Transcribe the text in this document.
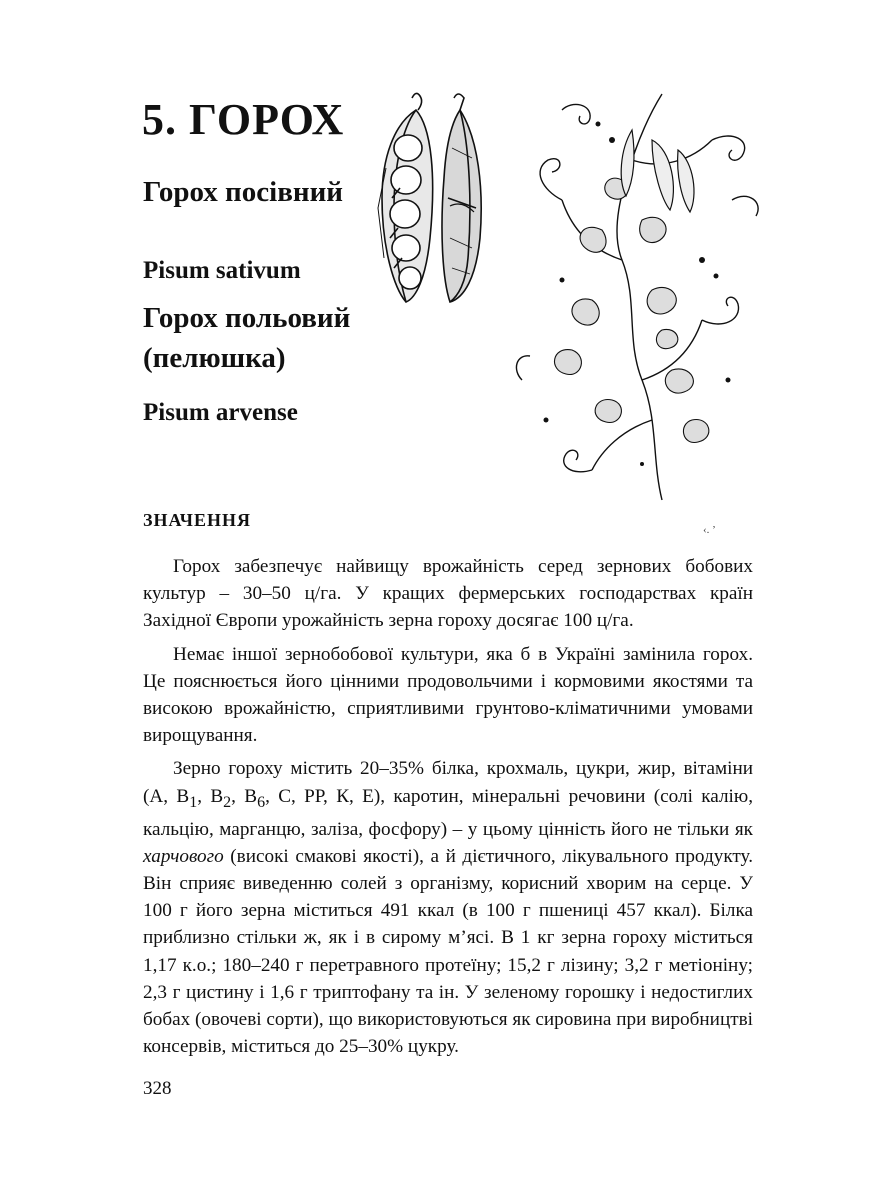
5. ГОРОХ
Горох посівний
Pisum sativum
Горох польовий (пелюшка)
Pisum arvense
ЗНАЧЕННЯ	‹. ’

Горох забезпечує найвищу врожайність серед зернових бобових культур – 30–50 ц/га. У кращих фермерських господарствах країн Західної Європи урожайність зерна гороху досягає 100 ц/га.

Немає іншої зернобобової культури, яка б в Україні замінила горох. Це пояснюється його цінними продовольчими і кормовими якостями та високою врожайністю, сприятливими грунтово-кліматичними умовами вирощування.

Зерно гороху містить 20–35% білка, крохмаль, цукри, жир, вітаміни (А, $В_1$, $В_2$, $В_6$, С, РР, К, Е), каротин, мінеральні речовини (солі калію, кальцію, марганцю, заліза, фосфору) – у цьому цінність його не тільки як харчового (високі смакові якості), а й дієтичного, лікувального продукту. Він сприяє виведенню солей з організму, корисний хворим на серце. У 100 г його зерна міститься 491 ккал (в 100 г пшениці 457 ккал). Білка приблизно стільки ж, як і в сирому м’ясі. В 1 кг зерна гороху міститься 1,17 к.о.; 180–240 г перетравного протеїну; 15,2 г лізину; 3,2 г метіоніну; 2,3 г цистину і 1,6 г триптофану та ін. У зеленому горошку і недостиглих бобах (овочеві сорти), що використовуються як сировина при виробництві консервів, міститься до 25–30% цукру.

328
